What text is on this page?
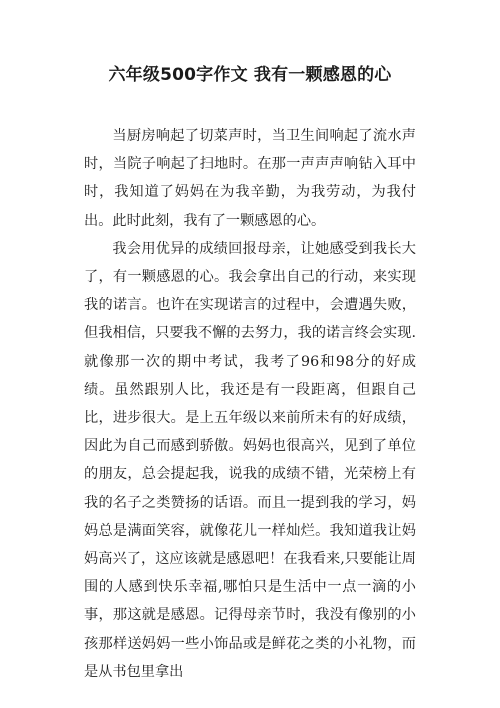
六年级500字作文 我有一颗感恩的心

当厨房响起了切菜声时，当卫生间响起了流水声时，当院子响起了扫地时。在那一声声声响钻入耳中时，我知道了妈妈在为我辛勤，为我劳动，为我付出。此时此刻，我有了一颗感恩的心。

我会用优异的成绩回报母亲，让她感受到我长大了，有一颗感恩的心。我会拿出自己的行动，来实现我的诺言。也许在实现诺言的过程中，会遭遇失败，但我相信，只要我不懈的去努力，我的诺言终会实现.就像那一次的期中考试，我考了96和98分的好成绩。虽然跟别人比，我还是有一段距离，但跟自己比，进步很大。是上五年级以来前所未有的好成绩，因此为自己而感到骄傲。妈妈也很高兴，见到了单位的朋友，总会提起我，说我的成绩不错，光荣榜上有我的名子之类赞扬的话语。而且一提到我的学习，妈妈总是满面笑容，就像花儿一样灿烂。我知道我让妈妈高兴了，这应该就是感恩吧！在我看来,只要能让周围的人感到快乐幸福,哪怕只是生活中一点一滴的小事，那这就是感恩。记得母亲节时，我没有像别的小孩那样送妈妈一些小饰品或是鲜花之类的小礼物，而是从书包里拿出
